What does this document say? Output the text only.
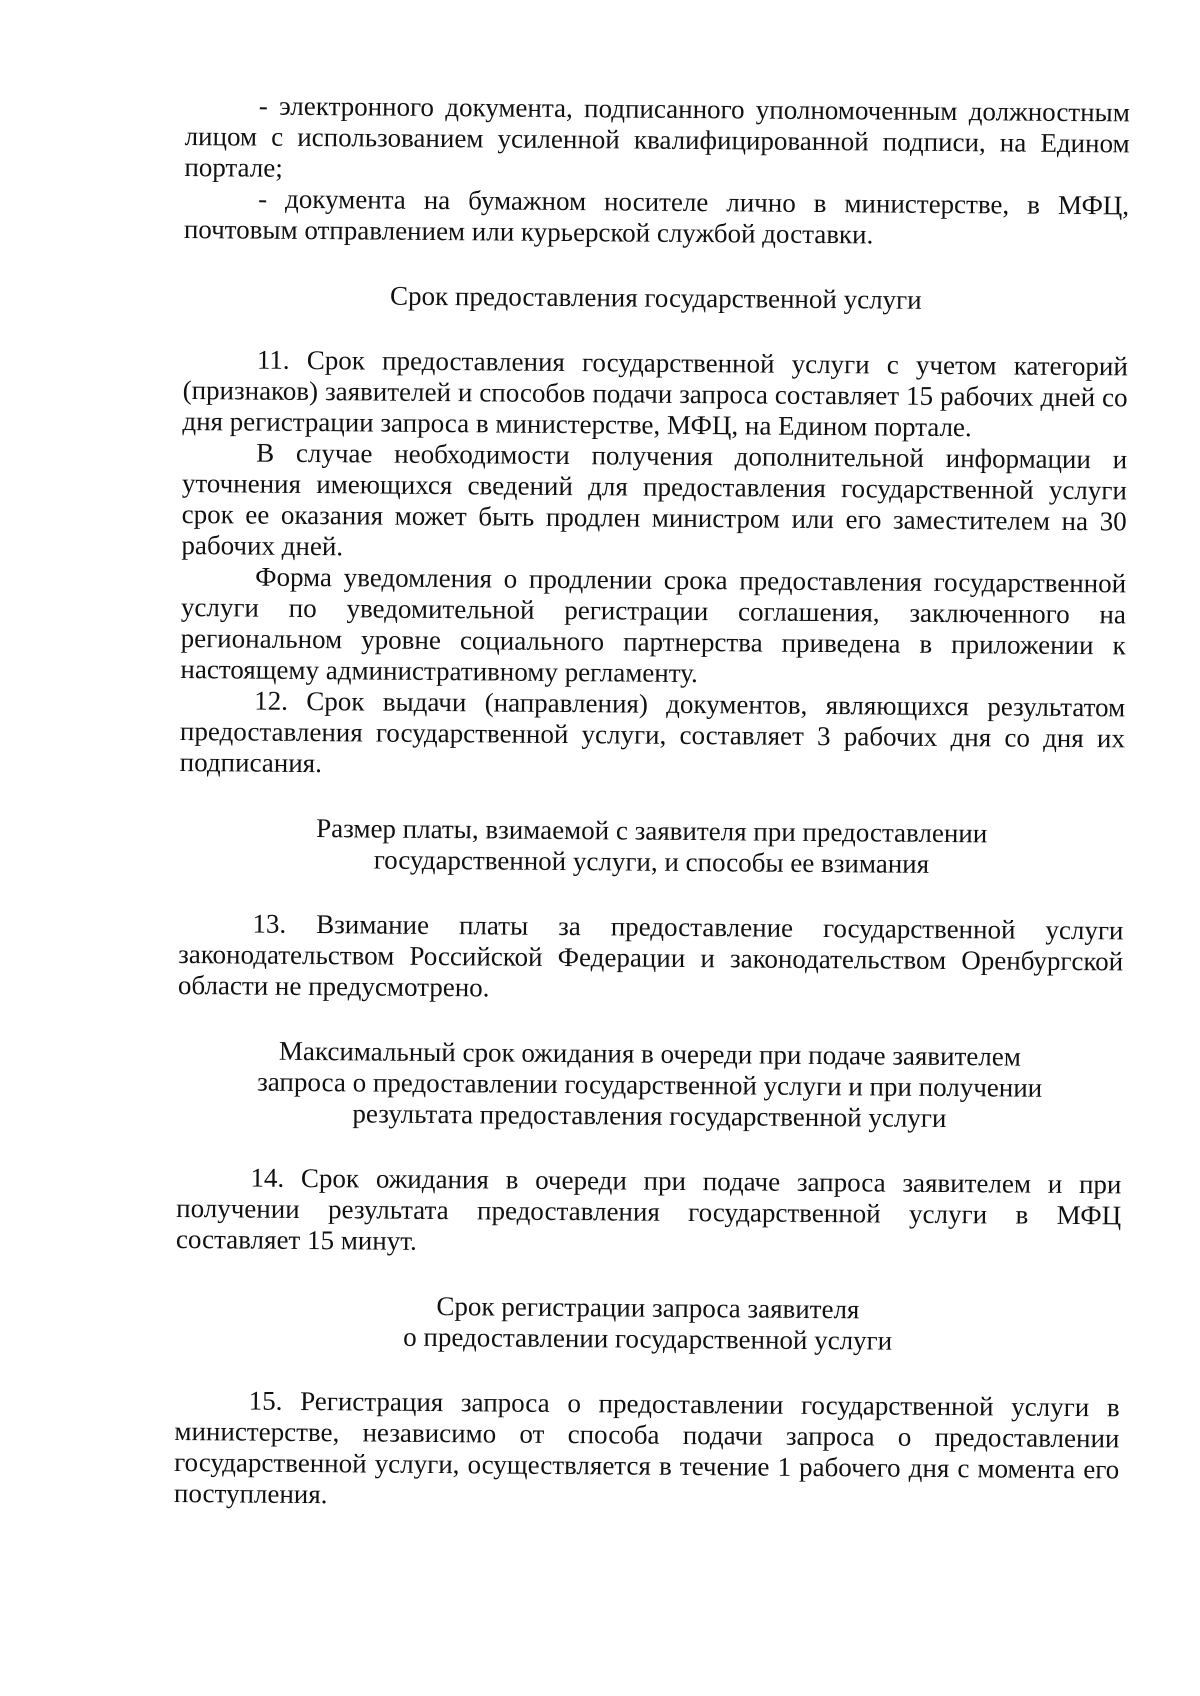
- электронного документа, подписанного уполномоченным должностным лицом с использованием усиленной квалифицированной подписи, на Едином портале;

- документа на бумажном носителе лично в министерстве, в МФЦ, почтовым отправлением или курьерской службой доставки.

Срок предоставления государственной услуги

11. Срок предоставления государственной услуги с учетом категорий (признаков) заявителей и способов подачи запроса составляет 15 рабочих дней со дня регистрации запроса в министерстве, МФЦ, на Едином портале.

В случае необходимости получения дополнительной информации и уточнения имеющихся сведений для предоставления государственной услуги срок ее оказания может быть продлен министром или его заместителем на 30 рабочих дней.

Форма уведомления о продлении срока предоставления государственной услуги по уведомительной регистрации соглашения, заключенного на региональном уровне социального партнерства приведена в приложении к настоящему административному регламенту.

12. Срок выдачи (направления) документов, являющихся результатом предоставления государственной услуги, составляет 3 рабочих дня со дня их подписания.

Размер платы, взимаемой с заявителя при предоставлении
государственной услуги, и способы ее взимания

13. Взимание платы за предоставление государственной услуги законодательством Российской Федерации и законодательством Оренбургской области не предусмотрено.

Максимальный срок ожидания в очереди при подаче заявителем
запроса о предоставлении государственной услуги и при получении
результата предоставления государственной услуги

14. Срок ожидания в очереди при подаче запроса заявителем и при получении результата предоставления государственной услуги в МФЦ составляет 15 минут.

Срок регистрации запроса заявителя
о предоставлении государственной услуги

15. Регистрация запроса о предоставлении государственной услуги в министерстве, независимо от способа подачи запроса о предоставлении государственной услуги, осуществляется в течение 1 рабочего дня с момента его поступления.
